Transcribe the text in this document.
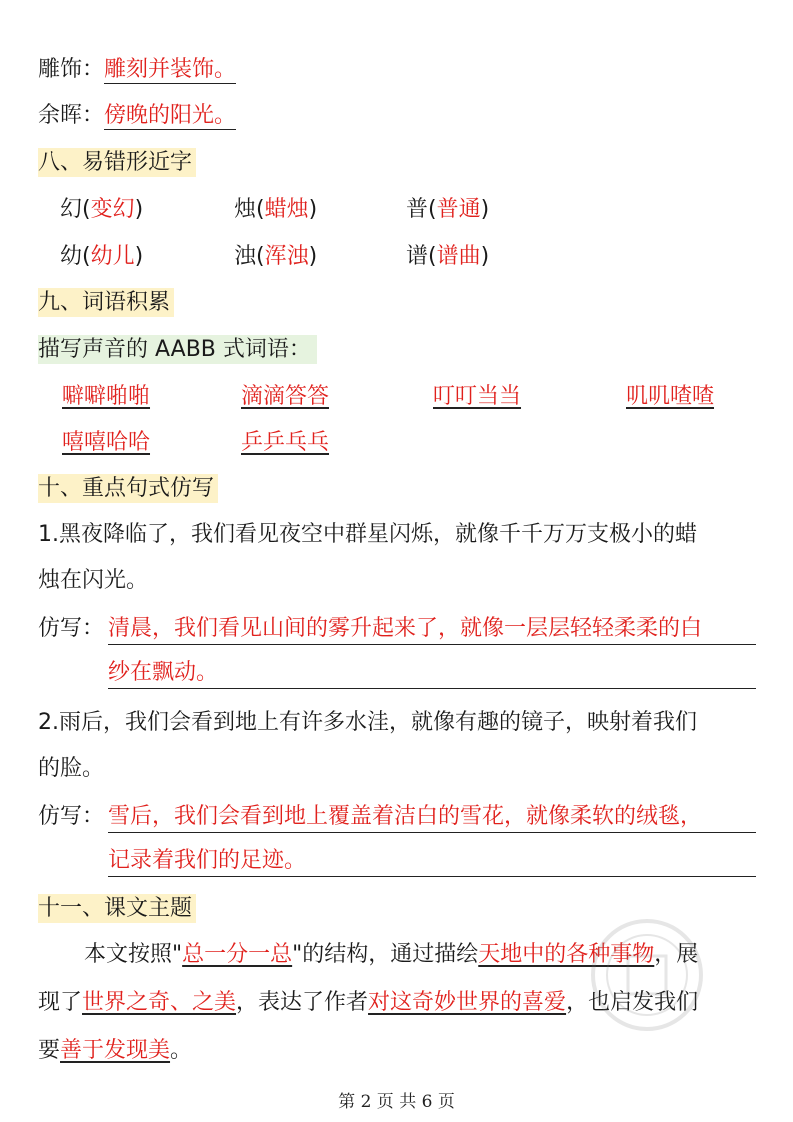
雕饰：雕刻并装饰。
余晖：傍晚的阳光。
八、易错形近字
幻(变幻)	烛(蜡烛)	普(普通)
幼(幼儿)	浊(浑浊)	谱(谱曲)
九、词语积累
描写声音的 AABB 式词语：
噼噼啪啪	滴滴答答	叮叮当当	叽叽喳喳
嘻嘻哈哈	乒乒乓乓
十、重点句式仿写
1.黑夜降临了，我们看见夜空中群星闪烁，就像千千万万支极小的蜡
烛在闪光。
仿写： 清晨，我们看见山间的雾升起来了，就像一层层轻轻柔柔的白
纱在飘动。
2.雨后，我们会看到地上有许多水洼，就像有趣的镜子，映射着我们
的脸。
仿写： 雪后，我们会看到地上覆盖着洁白的雪花，就像柔软的绒毯，
记录着我们的足迹。
十一、课文主题
本文按照"总一分一总"的结构，通过描绘天地中的各种事物，展
现了世界之奇、之美，表达了作者对这奇妙世界的喜爱，也启发我们
要善于发现美。
第 2 页 共 6 页
